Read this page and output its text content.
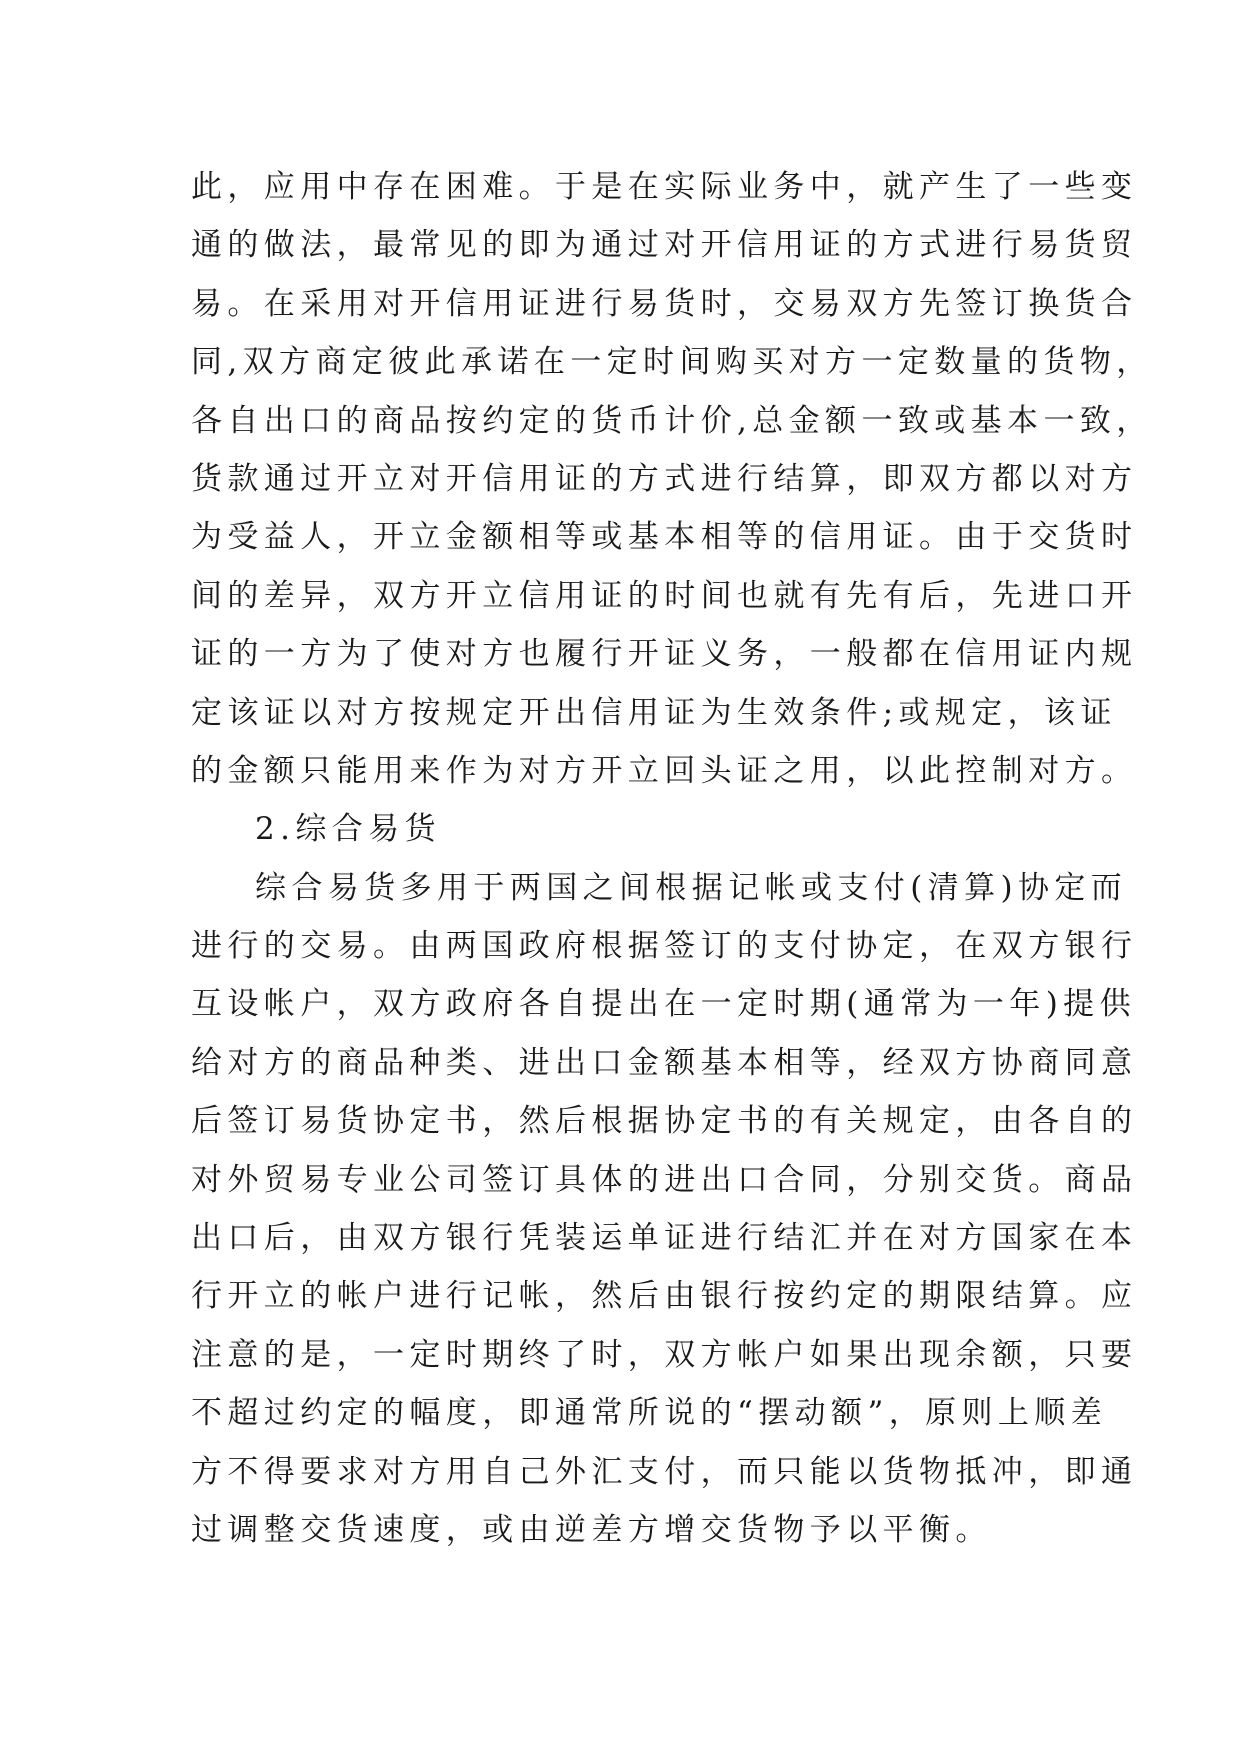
此，应用中存在困难。于是在实际业务中，就产生了一些变
通的做法，最常见的即为通过对开信用证的方式进行易货贸
易。在采用对开信用证进行易货时，交易双方先签订换货合
同,双方商定彼此承诺在一定时间购买对方一定数量的货物，
各自出口的商品按约定的货币计价,总金额一致或基本一致，
货款通过开立对开信用证的方式进行结算，即双方都以对方
为受益人，开立金额相等或基本相等的信用证。由于交货时
间的差异，双方开立信用证的时间也就有先有后，先进口开
证的一方为了使对方也履行开证义务，一般都在信用证内规
定该证以对方按规定开出信用证为生效条件;或规定，该证
的金额只能用来作为对方开立回头证之用，以此控制对方。
2.综合易货
综合易货多用于两国之间根据记帐或支付(清算)协定而
进行的交易。由两国政府根据签订的支付协定，在双方银行
互设帐户，双方政府各自提出在一定时期(通常为一年)提供
给对方的商品种类、进出口金额基本相等，经双方协商同意
后签订易货协定书，然后根据协定书的有关规定，由各自的
对外贸易专业公司签订具体的进出口合同，分别交货。商品
出口后，由双方银行凭装运单证进行结汇并在对方国家在本
行开立的帐户进行记帐，然后由银行按约定的期限结算。应
注意的是，一定时期终了时，双方帐户如果出现余额，只要
不超过约定的幅度，即通常所说的“摆动额”，原则上顺差
方不得要求对方用自己外汇支付，而只能以货物抵冲，即通
过调整交货速度，或由逆差方增交货物予以平衡。
